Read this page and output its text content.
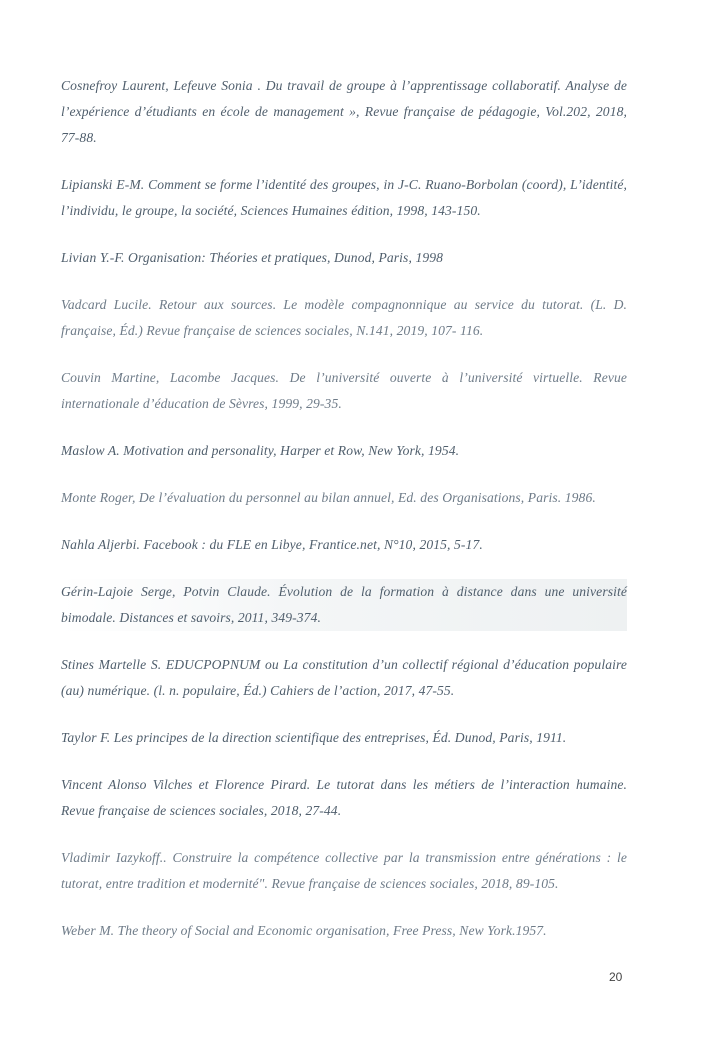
Cosnefroy Laurent, Lefeuve Sonia . Du travail de groupe à l’apprentissage collaboratif. Analyse de l’expérience d’étudiants en école de management », Revue française de pédagogie, Vol.202, 2018, 77-88.

Lipianski E-M. Comment se forme l’identité des groupes, in J-C. Ruano-Borbolan (coord), L’identité, l’individu, le groupe, la société, Sciences Humaines édition, 1998, 143-150.

Livian Y.-F. Organisation: Théories et pratiques, Dunod, Paris, 1998

Vadcard Lucile. Retour aux sources. Le modèle compagnonnique au service du tutorat. (L. D. française, Éd.) Revue française de sciences sociales, N.141, 2019, 107- 116.

Couvin Martine, Lacombe Jacques. De l’université ouverte à l’université virtuelle. Revue internationale d’éducation de Sèvres, 1999, 29-35.

Maslow A. Motivation and personality, Harper et Row, New York, 1954.

Monte Roger, De l’évaluation du personnel au bilan annuel, Ed. des Organisations, Paris. 1986.

Nahla Aljerbi. Facebook : du FLE en Libye, Frantice.net, N°10, 2015, 5-17.

Gérin-Lajoie Serge, Potvin Claude. Évolution de la formation à distance dans une université bimodale. Distances et savoirs, 2011, 349-374.

Stines Martelle S. EDUCPOPNUM ou La constitution d’un collectif régional d’éducation populaire (au) numérique. (l. n. populaire, Éd.) Cahiers de l’action, 2017, 47-55.

Taylor F. Les principes de la direction scientifique des entreprises, Éd. Dunod, Paris, 1911.

Vincent Alonso Vilches et Florence Pirard. Le tutorat dans les métiers de l’interaction humaine. Revue française de sciences sociales, 2018, 27-44.

Vladimir Iazykoff.. Construire la compétence collective par la transmission entre générations : le tutorat, entre tradition et modernité". Revue française de sciences sociales, 2018, 89-105.

Weber M. The theory of Social and Economic organisation, Free Press, New York.1957.

20
